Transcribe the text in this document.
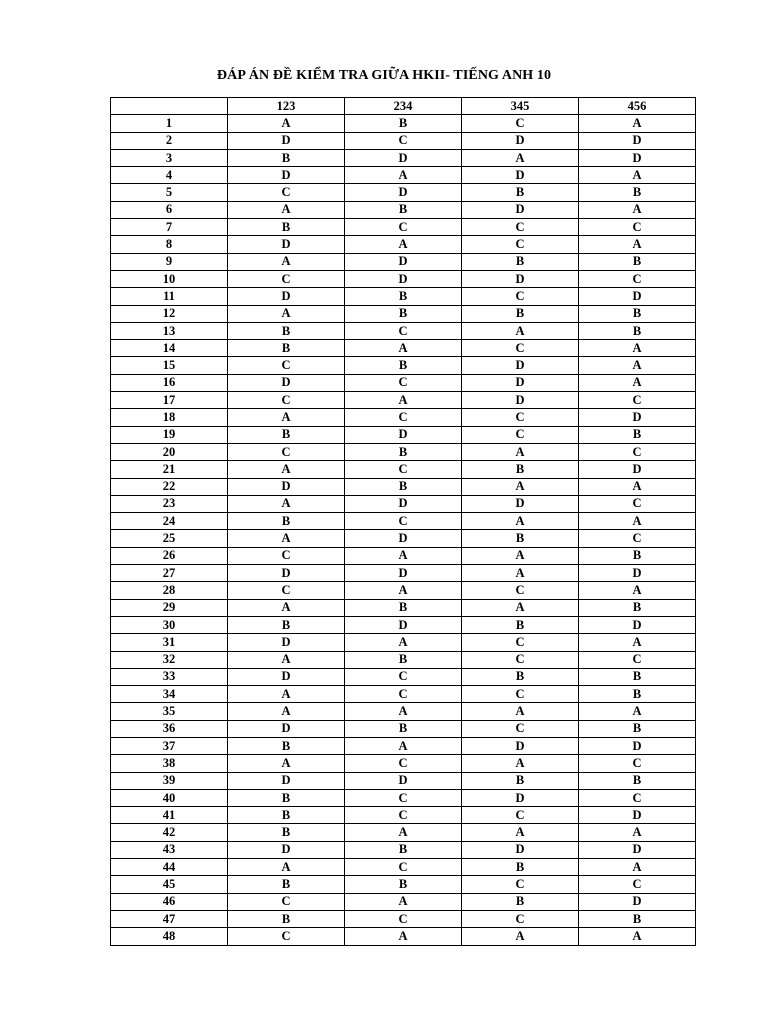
ĐÁP ÁN ĐỀ KIỂM TRA GIỮA HKII- TIẾNG ANH 10
	123	234	345	456
1	A	B	C	A
2	D	C	D	D
3	B	D	A	D
4	D	A	D	A
5	C	D	B	B
6	A	B	D	A
7	B	C	C	C
8	D	A	C	A
9	A	D	B	B
10	C	D	D	C
11	D	B	C	D
12	A	B	B	B
13	B	C	A	B
14	B	A	C	A
15	C	B	D	A
16	D	C	D	A
17	C	A	D	C
18	A	C	C	D
19	B	D	C	B
20	C	B	A	C
21	A	C	B	D
22	D	B	A	A
23	A	D	D	C
24	B	C	A	A
25	A	D	B	C
26	C	A	A	B
27	D	D	A	D
28	C	A	C	A
29	A	B	A	B
30	B	D	B	D
31	D	A	C	A
32	A	B	C	C
33	D	C	B	B
34	A	C	C	B
35	A	A	A	A
36	D	B	C	B
37	B	A	D	D
38	A	C	A	C
39	D	D	B	B
40	B	C	D	C
41	B	C	C	D
42	B	A	A	A
43	D	B	D	D
44	A	C	B	A
45	B	B	C	C
46	C	A	B	D
47	B	C	C	B
48	C	A	A	A
